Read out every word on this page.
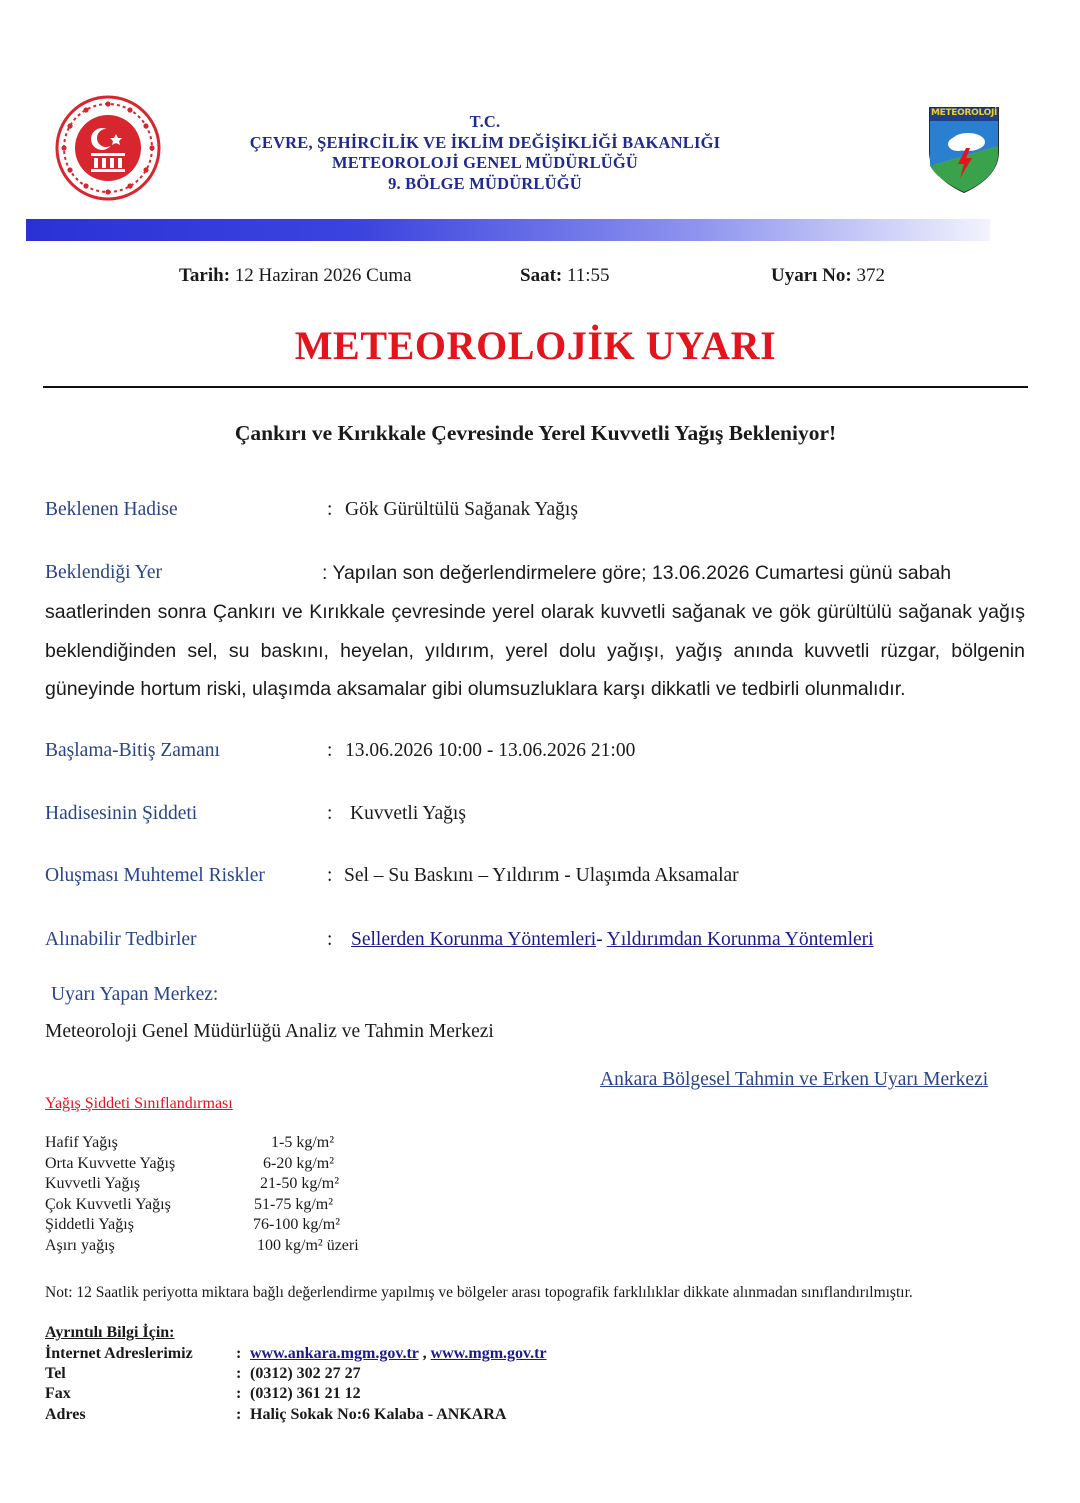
T.C.
ÇEVRE, ŞEHİRCİLİK VE İKLİM DEĞİŞİKLİĞİ BAKANLIĞI
METEOROLOJİ GENEL MÜDÜRLÜĞÜ
9. BÖLGE MÜDÜRLÜĞÜ
METEOROLOJİ
Tarih: 12 Haziran 2026 Cuma	Saat: 11:55	Uyarı No: 372
METEOROLOJİK UYARI
Çankırı ve Kırıkkale Çevresinde Yerel Kuvvetli Yağış Bekleniyor!
Beklenen Hadise	: Gök Gürültülü Sağanak Yağış
Beklendiği Yer	: Yapılan son değerlendirmelere göre; 13.06.2026 Cumartesi günü sabah
saatlerinden sonra Çankırı ve Kırıkkale çevresinde yerel olarak kuvvetli sağanak ve gök gürültülü sağanak yağış beklendiğinden sel, su baskını, heyelan, yıldırım, yerel dolu yağışı, yağış anında kuvvetli rüzgar, bölgenin güneyinde hortum riski, ulaşımda aksamalar gibi olumsuzluklara karşı dikkatli ve tedbirli olunmalıdır.
Başlama-Bitiş Zamanı	: 13.06.2026 10:00 - 13.06.2026 21:00
Hadisesinin Şiddeti	: Kuvvetli Yağış
Oluşması Muhtemel Riskler	: Sel – Su Baskını – Yıldırım - Ulaşımda Aksamalar
Alınabilir Tedbirler	: Sellerden Korunma Yöntemleri- Yıldırımdan Korunma Yöntemleri
Uyarı Yapan Merkez:
Meteoroloji Genel Müdürlüğü Analiz ve Tahmin Merkezi
Ankara Bölgesel Tahmin ve Erken Uyarı Merkezi
Yağış Şiddeti Sınıflandırması
Hafif Yağış	1-5 kg/m²
Orta Kuvvette Yağış	6-20 kg/m²
Kuvvetli Yağış	21-50 kg/m²
Çok Kuvvetli Yağış	51-75 kg/m²
Şiddetli Yağış	76-100 kg/m²
Aşırı yağış	100 kg/m² üzeri
Not: 12 Saatlik periyotta miktara bağlı değerlendirme yapılmış ve bölgeler arası topografik farklılıklar dikkate alınmadan sınıflandırılmıştır.
Ayrıntılı Bilgi İçin:
İnternet Adreslerimiz	: www.ankara.mgm.gov.tr , www.mgm.gov.tr
Tel	: (0312) 302 27 27
Fax	: (0312) 361 21 12
Adres	: Haliç Sokak No:6 Kalaba - ANKARA
